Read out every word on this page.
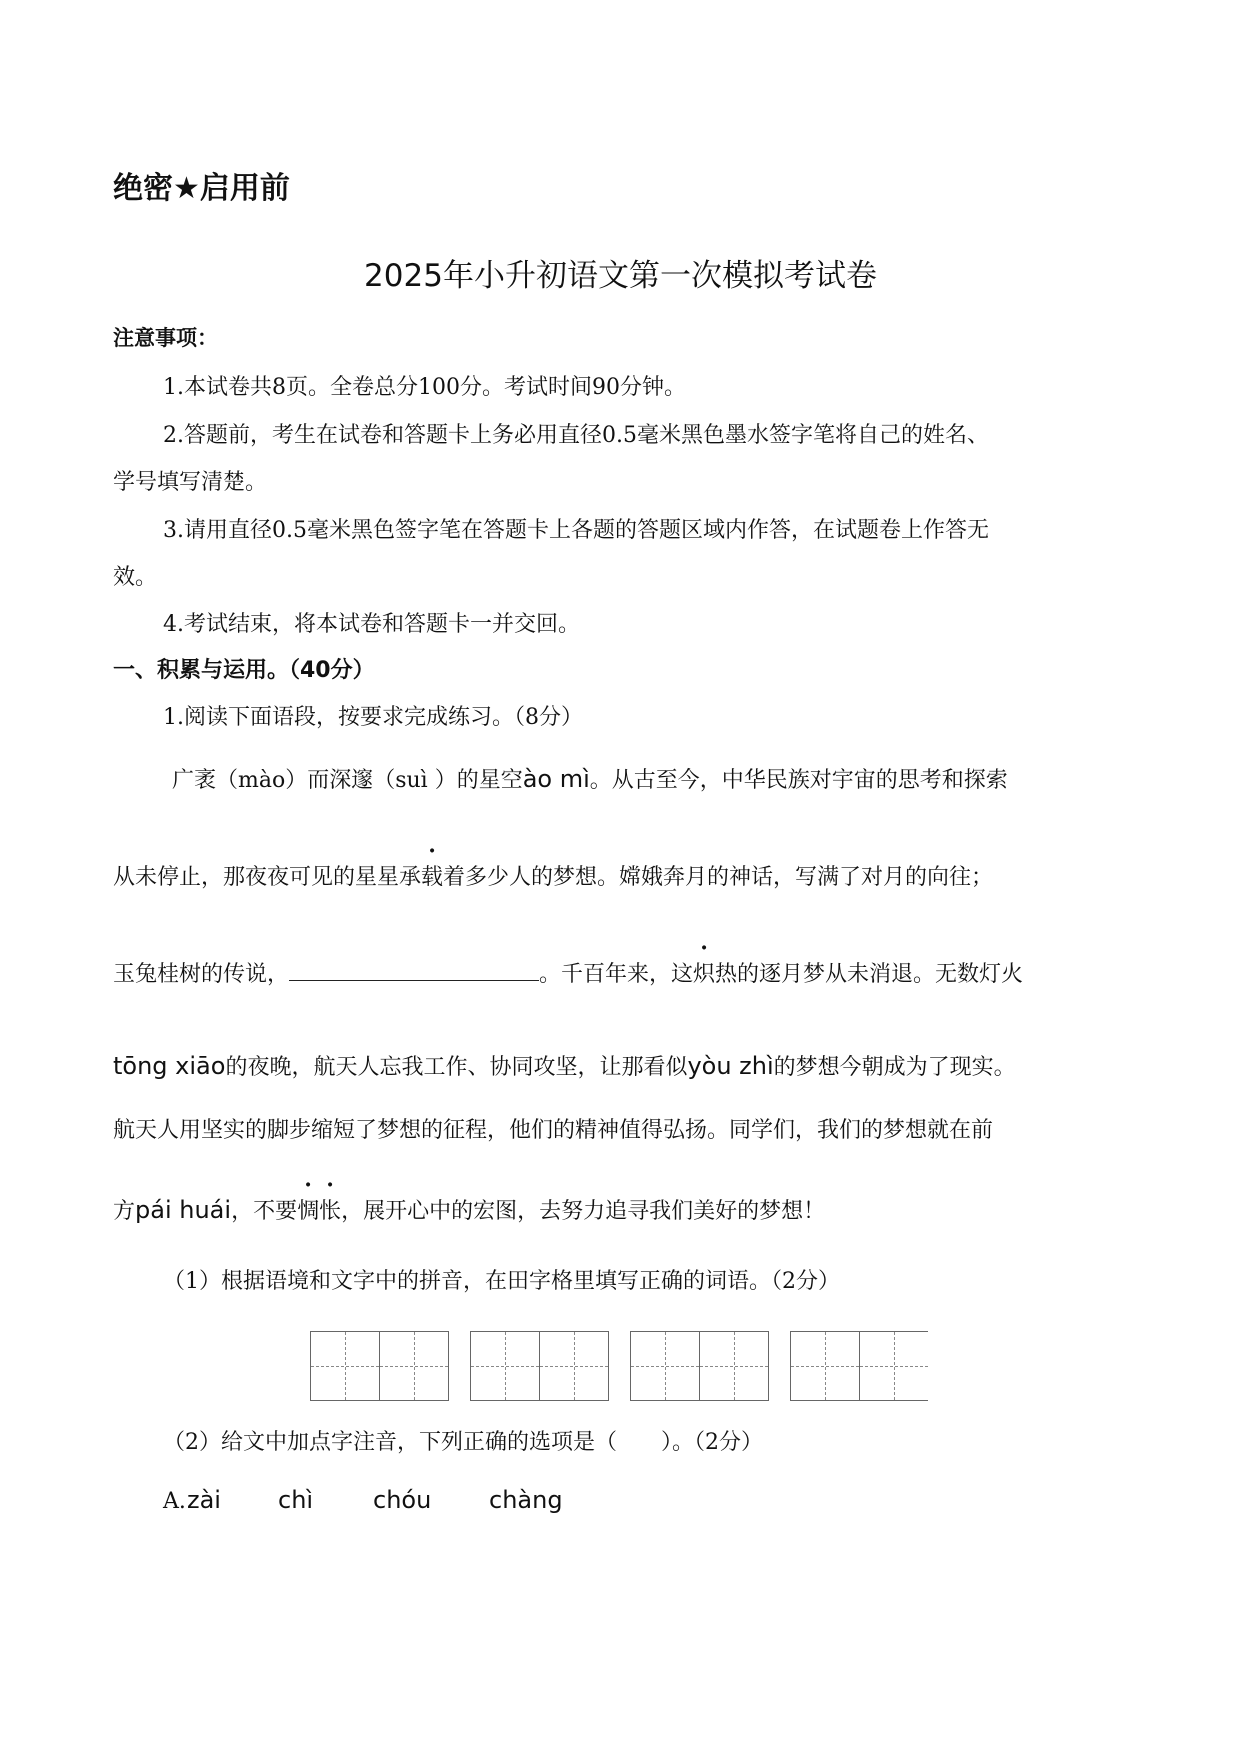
绝密★启用前
2025年小升初语文第一次模拟考试卷
注意事项：
1.本试卷共8页。全卷总分100分。考试时间90分钟。
2.答题前，考生在试卷和答题卡上务必用直径0.5毫米黑色墨水签字笔将自己的姓名、
学号填写清楚。
3.请用直径0.5毫米黑色签字笔在答题卡上各题的答题区域内作答，在试题卷上作答无
效。
4.考试结束，将本试卷和答题卡一并交回。
一、积累与运用。（40分）
1.阅读下面语段，按要求完成练习。（8分）
广袤（màо）而深邃（suì ）的星空ào mì。从古至今，中华民族对宇宙的思考和探索
从未停止，那夜夜可见的星星承载着多少人的梦想。嫦娥奔月的神话，写满了对月的向往；
玉兔桂树的传说，	。千百年来，这炽热的逐月梦从未消退。无数灯火
tōng xiāo的夜晚，航天人忘我工作、协同攻坚，让那看似yòu zhì的梦想今朝成为了现实。
航天人用坚实的脚步缩短了梦想的征程，他们的精神值得弘扬。同学们，我们的梦想就在前
方pái huái，不要惆怅，展开心中的宏图，去努力追寻我们美好的梦想！
（1）根据语境和文字中的拼音，在田字格里填写正确的词语。（2分）
（2）给文中加点字注音，下列正确的选项是（　　）。（2分）
A. zài chì chóu chàng
